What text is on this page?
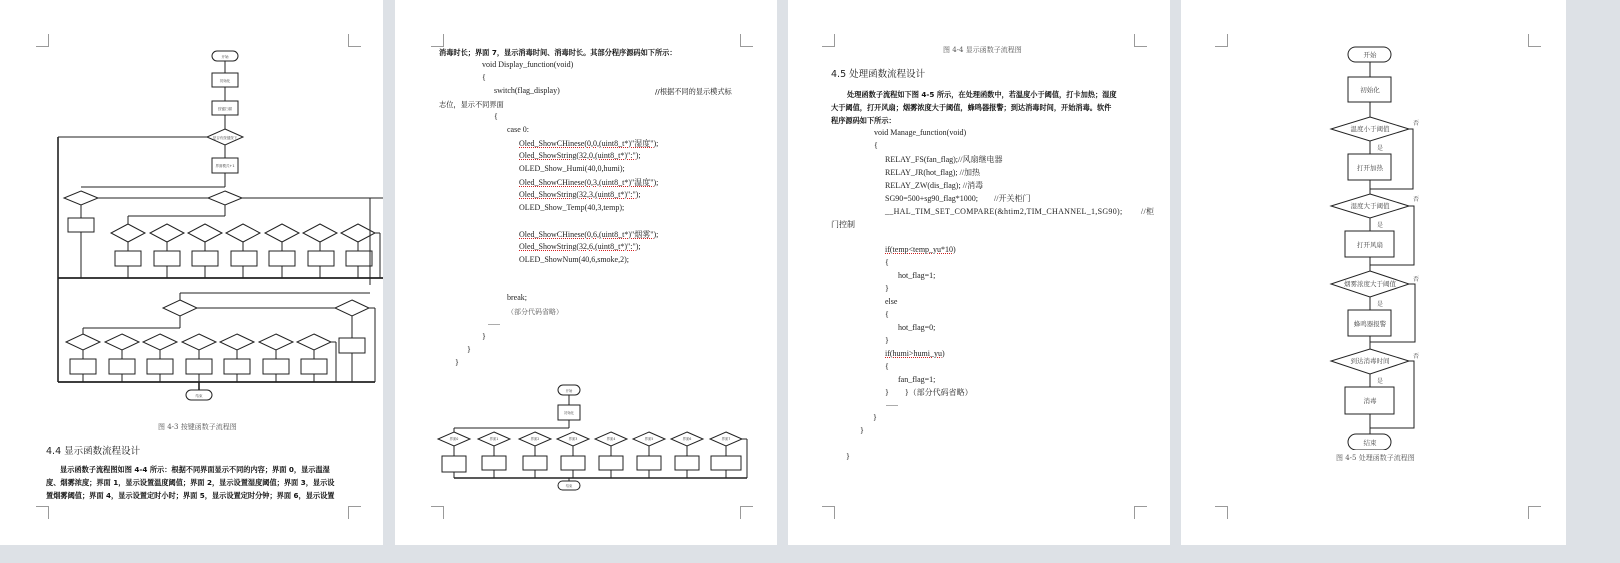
开始
初始化
按键扫描
是否有按键按下
界面模式+1
结束
图 4-3 按键函数子流程图
4.4 显示函数流程设计
显示函数子流程图如图 4-4 所示：根据不同界面显示不同的内容；界面 0，显示温湿
度、烟雾浓度；界面 1，显示设置温度阈值；界面 2，显示设置湿度阈值；界面 3，显示设
置烟雾阈值；界面 4，显示设置定时小时；界面 5，显示设置定时分钟；界面 6，显示设置
消毒时长；界面 7，显示消毒时间、消毒时长。其部分程序源码如下所示：
void Display_function(void)
{
switch(flag_display)	//根据不同的显示模式标
志位，显示不同界面
{
case 0:
Oled_ShowCHinese(0,0,(uint8_t*)"湿度");
Oled_ShowString(32,0,(uint8_t*)":");
OLED_Show_Humi(40,0,humi);
Oled_ShowCHinese(0,3,(uint8_t*)"温度");
Oled_ShowString(32,3,(uint8_t*)":");
OLED_Show_Temp(40,3,temp);
Oled_ShowCHinese(0,6,(uint8_t*)"烟雾");
Oled_ShowString(32,6,(uint8_t*)":");
OLED_ShowNum(40,6,smoke,2);
break;
（部分代码省略）
......
}
}
}
开始
初始化
结束
界面0	界面1	界面2	界面3	界面4	界面5	界面6	界面7
图 4-4 显示函数子流程图
4.5 处理函数流程设计
处理函数子流程如下图 4-5 所示，在处理函数中，若温度小于阈值，打卡加热；湿度
大于阈值，打开风扇；烟雾浓度大于阈值，蜂鸣器报警；到达消毒时间，开始消毒。软件
程序源码如下所示：
void Manage_function(void)
{
RELAY_FS(fan_flag);//风扇继电器
RELAY_JR(hot_flag); //加热
RELAY_ZW(dis_flag); //消毒
SG90=500+sg90_flag*1000;        //开关柜门
__HAL_TIM_SET_COMPARE(&htim2,TIM_CHANNEL_1,SG90);        //柜
门控制
if(temp<temp_yu*10)
{
hot_flag=1;
}
else
{
hot_flag=0;
}
if(humi>humi_yu)
{
fan_flag=1;
}        }（部分代码省略）
......
}
}
}
开始
初始化
温度小于阈值
打开加热
湿度大于阈值
打开风扇
烟雾浓度大于阈值
蜂鸣器报警
到达消毒时间
消毒
结束
是
是
是
是
否
否
否
否
图 4-5 处理函数子流程图
